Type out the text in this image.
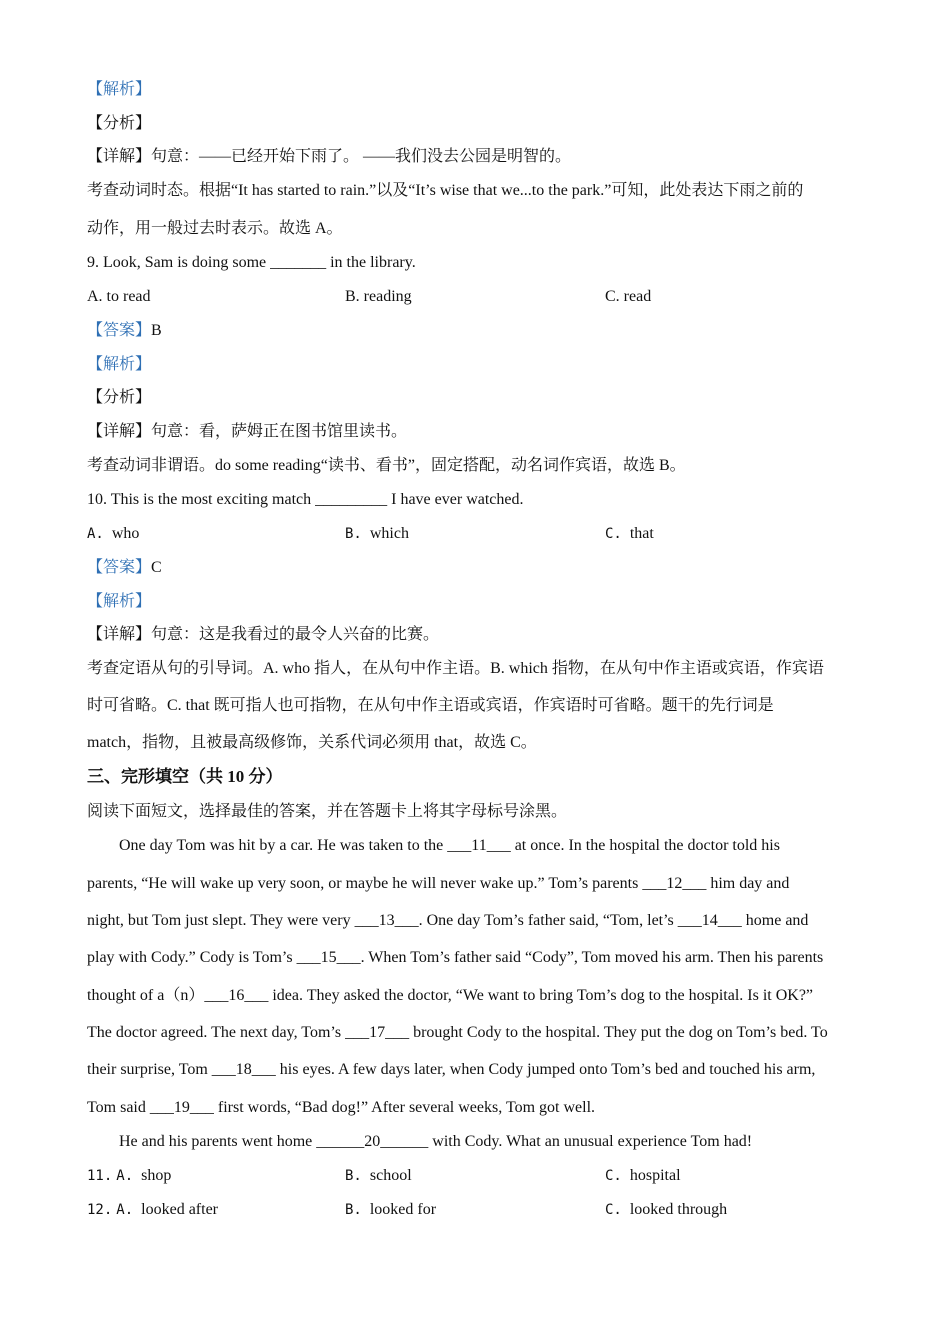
【解析】
【分析】
【详解】句意：——已经开始下雨了。 ——我们没去公园是明智的。
考查动词时态。根据“It has started to rain.”以及“It’s wise that we...to the park.”可知，此处表达下雨之前的
动作，用一般过去时表示。故选 A。
9. Look, Sam is doing some _______ in the library.
A. to read	B. reading	C. read
【答案】B
【解析】
【分析】
【详解】句意：看，萨姆正在图书馆里读书。
考查动词非谓语。do some reading“读书、看书”，固定搭配，动名词作宾语，故选 B。
10. This is the most exciting match _________ I have ever watched.
A. who	B. which	C. that
【答案】C
【解析】
【详解】句意：这是我看过的最令人兴奋的比赛。
考查定语从句的引导词。A. who 指人，在从句中作主语。B. which 指物，在从句中作主语或宾语，作宾语
时可省略。C. that 既可指人也可指物，在从句中作主语或宾语，作宾语时可省略。题干的先行词是
match，指物，且被最高级修饰，关系代词必须用 that，故选 C。
三、完形填空（共 10 分）
阅读下面短文，选择最佳的答案，并在答题卡上将其字母标号涂黑。
One day Tom was hit by a car. He was taken to the ___11___ at once. In the hospital the doctor told his
parents, “He will wake up very soon, or maybe he will never wake up.” Tom’s parents ___12___ him day and
night, but Tom just slept. They were very ___13___. One day Tom’s father said, “Tom, let’s ___14___ home and
play with Cody.” Cody is Tom’s ___15___. When Tom’s father said “Cody”, Tom moved his arm. Then his parents
thought of a（n）___16___ idea. They asked the doctor, “We want to bring Tom’s dog to the hospital. Is it OK?”
The doctor agreed. The next day, Tom’s ___17___ brought Cody to the hospital. They put the dog on Tom’s bed. To
their surprise, Tom ___18___ his eyes. A few days later, when Cody jumped onto Tom’s bed and touched his arm,
Tom said ___19___ first words, “Bad dog!” After several weeks, Tom got well.
He and his parents went home ______20______ with Cody. What an unusual experience Tom had!
11. A. shop	B. school	C. hospital
12. A. looked after	B. looked for	C. looked through
